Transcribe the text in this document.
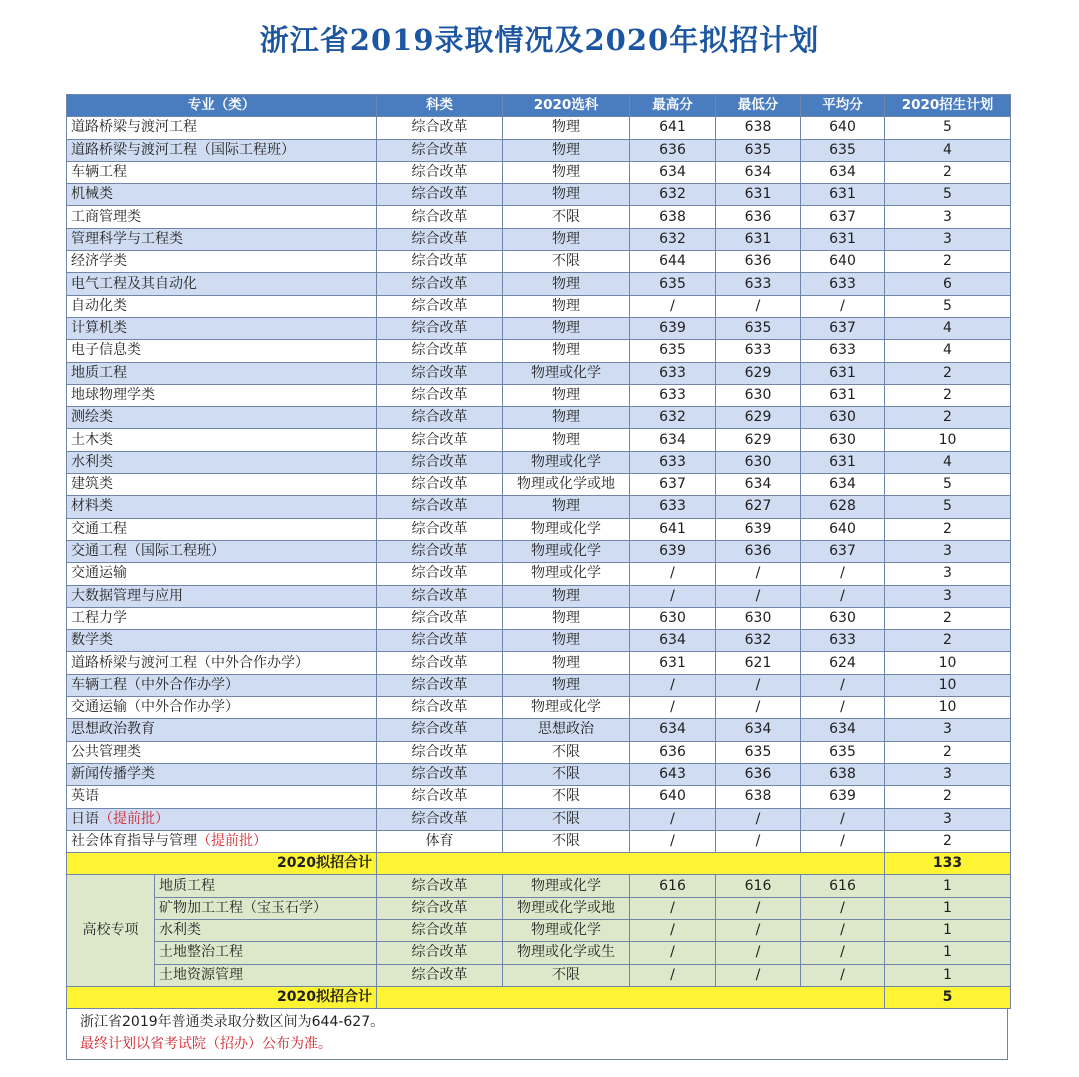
浙江省2019录取情况及2020年拟招计划
专业（类）		科类	2020选科	最高分	最低分	平均分	2020招生计划
道路桥梁与渡河工程		综合改革	物理	641	638	640	5
道路桥梁与渡河工程（国际工程班）		综合改革	物理	636	635	635	4
车辆工程		综合改革	物理	634	634	634	2
机械类		综合改革	物理	632	631	631	5
工商管理类		综合改革	不限	638	636	637	3
管理科学与工程类		综合改革	物理	632	631	631	3
经济学类		综合改革	不限	644	636	640	2
电气工程及其自动化		综合改革	物理	635	633	633	6
自动化类		综合改革	物理	/	/	/	5
计算机类		综合改革	物理	639	635	637	4
电子信息类		综合改革	物理	635	633	633	4
地质工程		综合改革	物理或化学	633	629	631	2
地球物理学类		综合改革	物理	633	630	631	2
测绘类		综合改革	物理	632	629	630	2
土木类		综合改革	物理	634	629	630	10
水利类		综合改革	物理或化学	633	630	631	4
建筑类		综合改革	物理或化学或地	637	634	634	5
材料类		综合改革	物理	633	627	628	5
交通工程		综合改革	物理或化学	641	639	640	2
交通工程（国际工程班）		综合改革	物理或化学	639	636	637	3
交通运输		综合改革	物理或化学	/	/	/	3
大数据管理与应用		综合改革	物理	/	/	/	3
工程力学		综合改革	物理	630	630	630	2
数学类		综合改革	物理	634	632	633	2
道路桥梁与渡河工程（中外合作办学）		综合改革	物理	631	621	624	10
车辆工程（中外合作办学）		综合改革	物理	/	/	/	10
交通运输（中外合作办学）		综合改革	物理或化学	/	/	/	10
思想政治教育		综合改革	思想政治	634	634	634	3
公共管理类		综合改革	不限	636	635	635	2
新闻传播学类		综合改革	不限	643	636	638	3
英语		综合改革	不限	640	638	639	2
日语（提前批）		综合改革	不限	/	/	/	3
社会体育指导与管理（提前批）		体育	不限	/	/	/	2
2020拟招合计							133
高校专项	地质工程	综合改革	物理或化学	616	616	616	1
	矿物加工工程（宝玉石学）	综合改革	物理或化学或地	/	/	/	1
	水利类	综合改革	物理或化学	/	/	/	1
	土地整治工程	综合改革	物理或化学或生	/	/	/	1
	土地资源管理	综合改革	不限	/	/	/	1
2020拟招合计							5
浙江省2019年普通类录取分数区间为644-627。
最终计划以省考试院（招办）公布为准。
